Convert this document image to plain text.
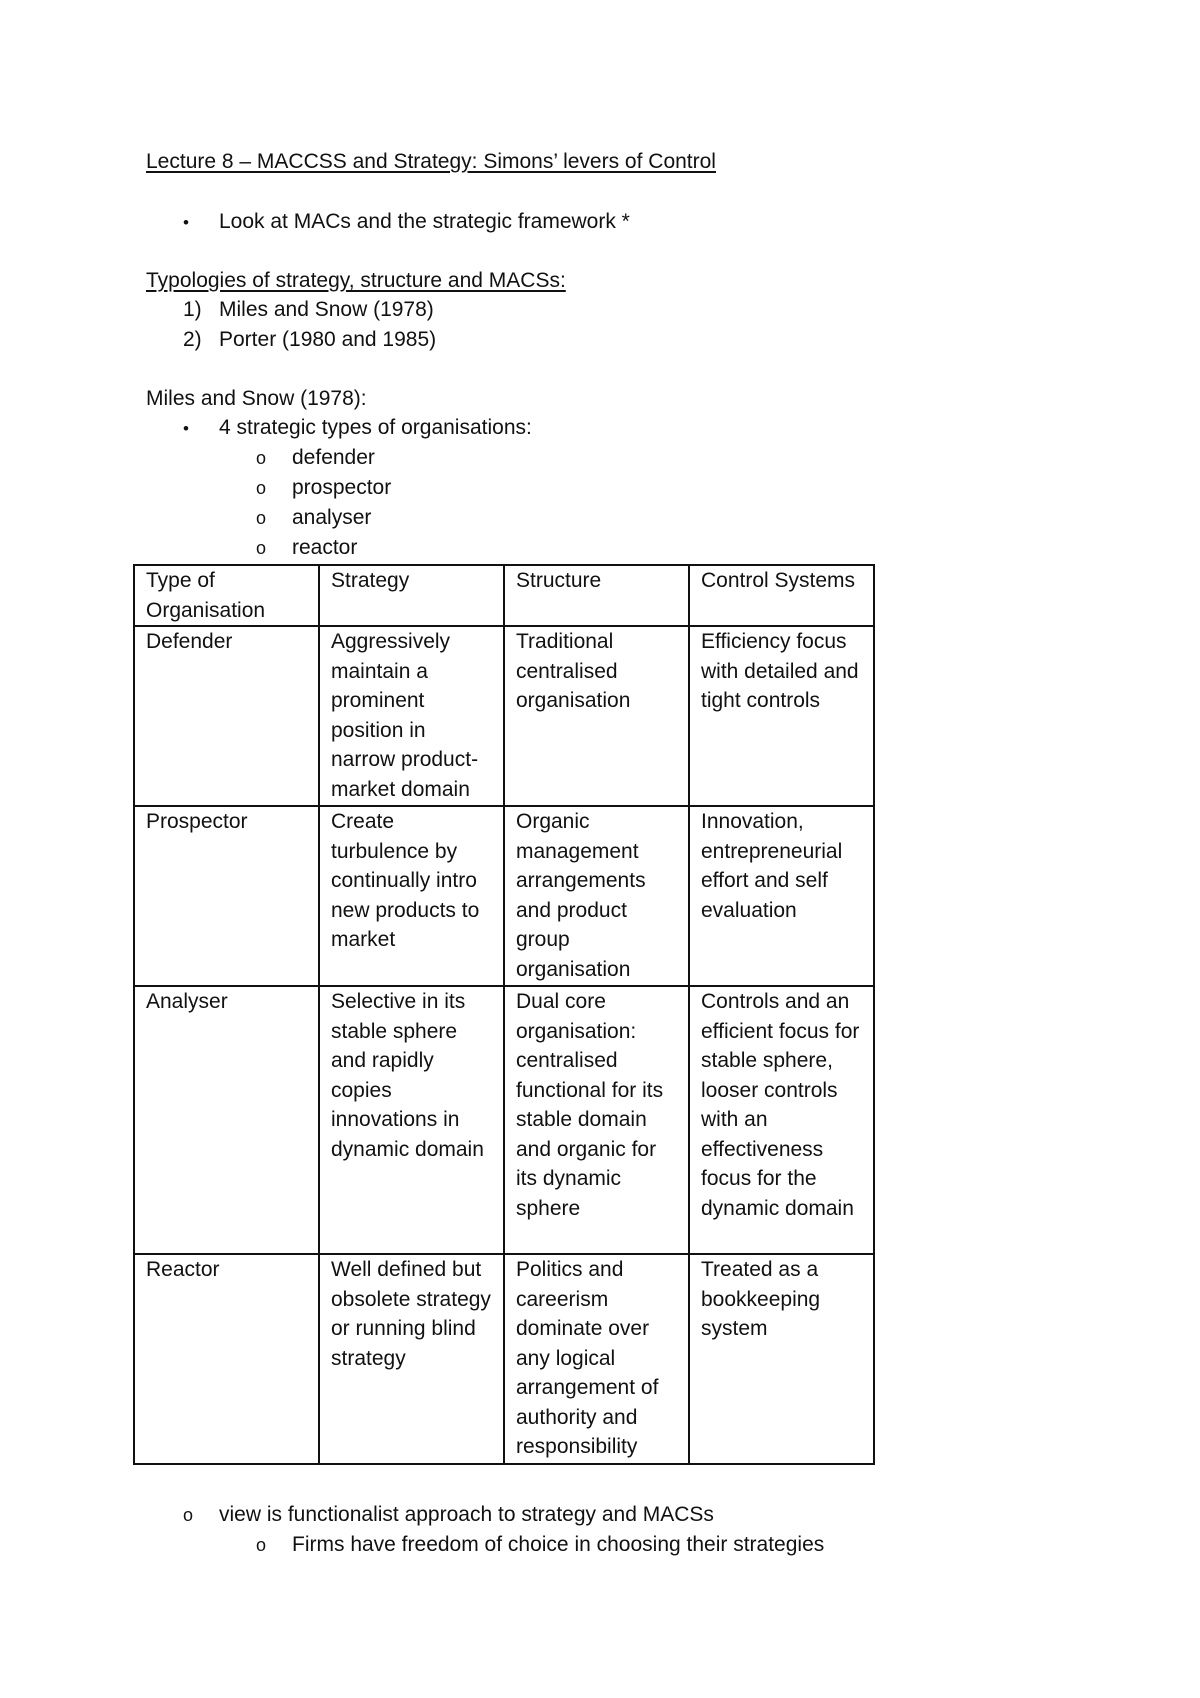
Lecture 8 – MACCSS and Strategy: Simons’ levers of Control
•	Look at MACs and the strategic framework *
Typologies of strategy, structure and MACSs:
1) Miles and Snow (1978)
2) Porter (1980 and 1985)
Miles and Snow (1978):
•	4 strategic types of organisations:
o	defender
o	prospector
o	analyser
o	reactor
Type of Organisation	Strategy	Structure	Control Systems
Defender	Aggressively maintain a prominent position in narrow product-market domain	Traditional centralised organisation	Efficiency focus with detailed and tight controls
Prospector	Create turbulence by continually intro new products to market	Organic management arrangements and product group organisation	Innovation, entrepreneurial effort and self evaluation
Analyser	Selective in its stable sphere and rapidly copies innovations in dynamic domain	Dual core organisation: centralised functional for its stable domain and organic for its dynamic sphere	Controls and an efficient focus for stable sphere, looser controls with an effectiveness focus for the dynamic domain
Reactor	Well defined but obsolete strategy or running blind strategy	Politics and careerism dominate over any logical arrangement of authority and responsibility	Treated as a bookkeeping system
o	view is functionalist approach to strategy and MACSs
o	Firms have freedom of choice in choosing their strategies
